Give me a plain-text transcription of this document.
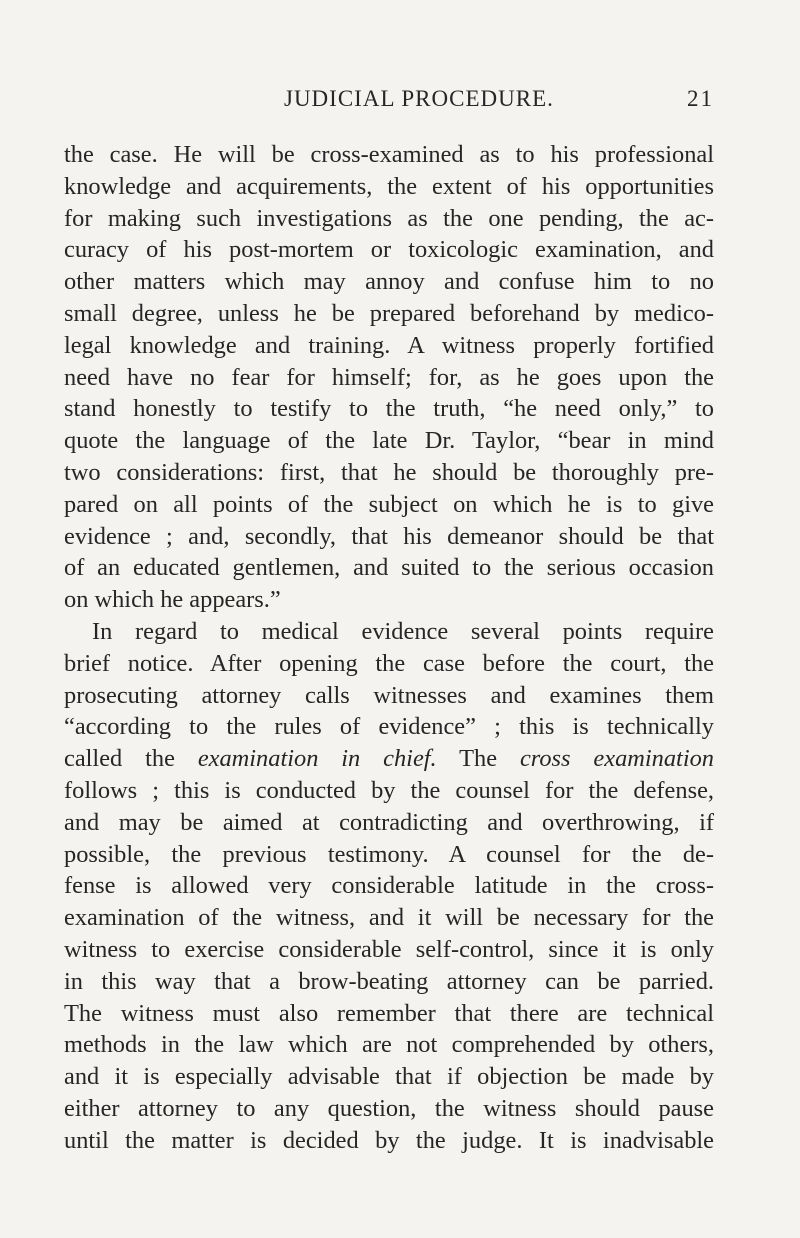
JUDICIAL PROCEDURE.	21
the case. He will be cross-examined as to his professional
knowledge and acquirements, the extent of his opportunities
for making such investigations as the one pending, the ac-
curacy of his post-mortem or toxicologic examination, and
other matters which may annoy and confuse him to no
small degree, unless he be prepared beforehand by medico-
legal knowledge and training. A witness properly fortified
need have no fear for himself; for, as he goes upon the
stand honestly to testify to the truth, “he need only,” to
quote the language of the late Dr. Taylor, “bear in mind
two considerations: first, that he should be thoroughly pre-
pared on all points of the subject on which he is to give
evidence ; and, secondly, that his demeanor should be that
of an educated gentlemen, and suited to the serious occasion
on which he appears.”
In regard to medical evidence several points require
brief notice. After opening the case before the court, the
prosecuting attorney calls witnesses and examines them
“according to the rules of evidence” ; this is technically
called the examination in chief. The cross examination
follows ; this is conducted by the counsel for the defense,
and may be aimed at contradicting and overthrowing, if
possible, the previous testimony. A counsel for the de-
fense is allowed very considerable latitude in the cross-
examination of the witness, and it will be necessary for the
witness to exercise considerable self-control, since it is only
in this way that a brow-beating attorney can be parried.
The witness must also remember that there are technical
methods in the law which are not comprehended by others,
and it is especially advisable that if objection be made by
either attorney to any question, the witness should pause
until the matter is decided by the judge. It is inadvisable
